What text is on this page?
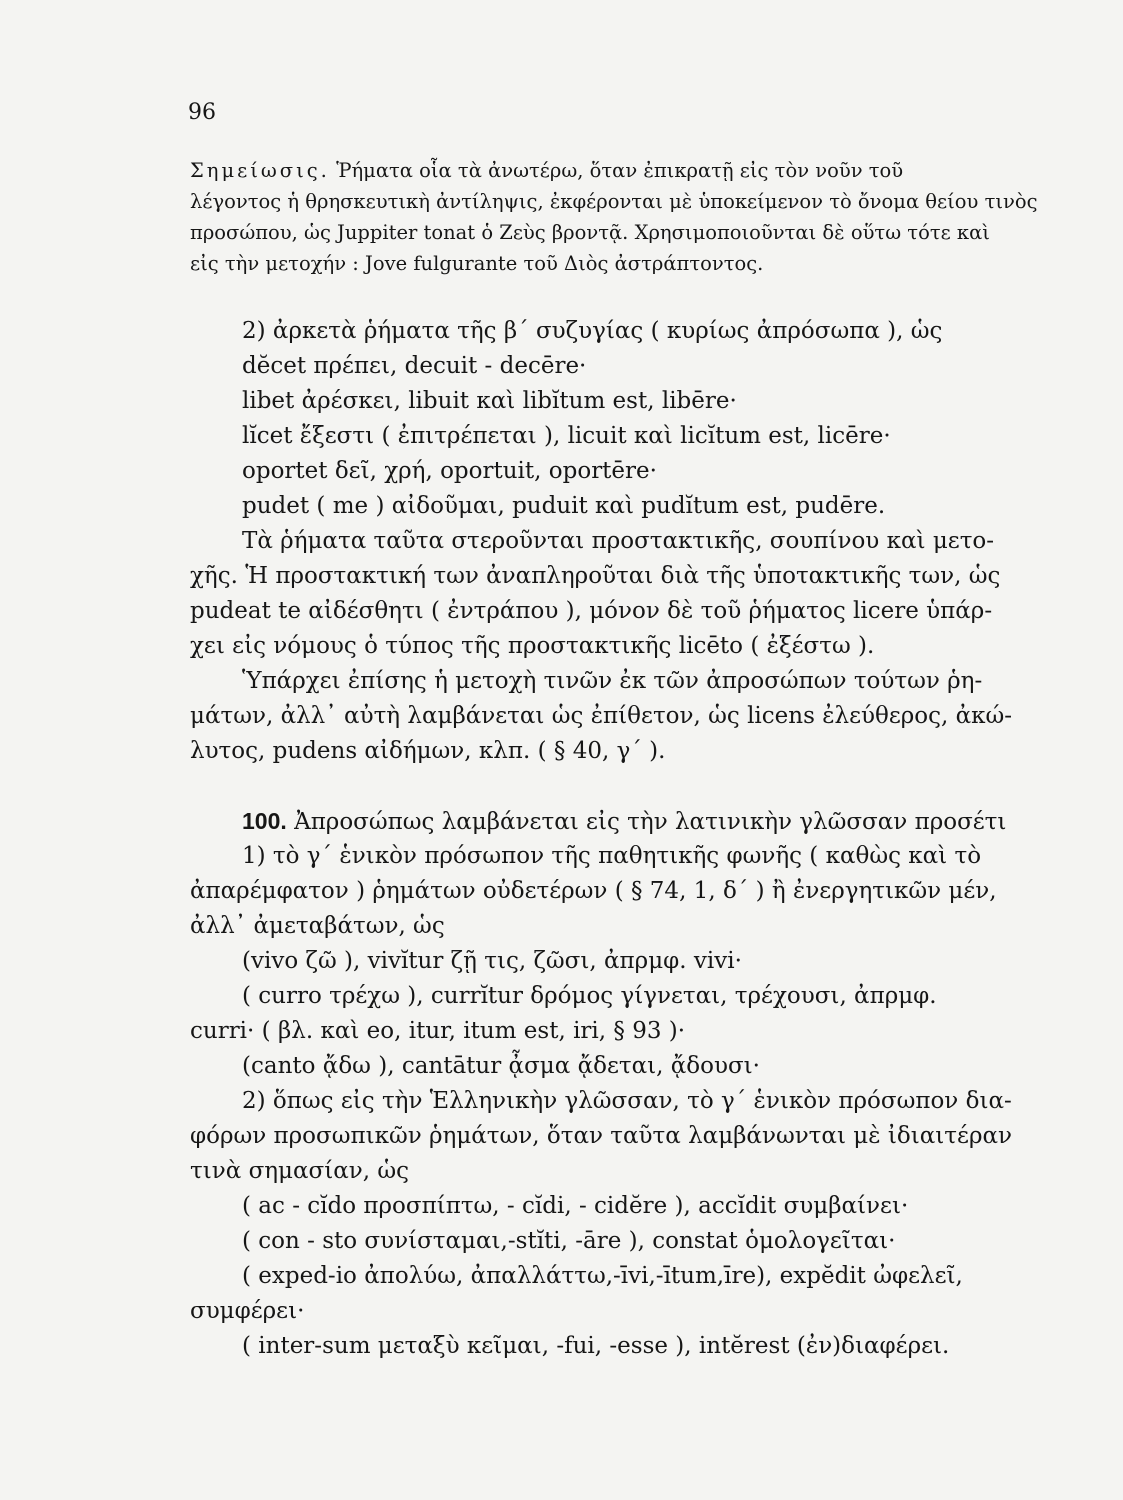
96
Σημείωσις. Ῥήματα οἷα τὰ ἀνωτέρω, ὅταν ἐπικρατῇ εἰς τὸν νοῦν τοῦ
λέγοντος ἡ θρησκευτικὴ ἀντίληψις, ἐκφέρονται μὲ ὑποκείμενον τὸ ὄνομα θείου τινὸς
προσώπου, ὡς Juppiter tonat ὁ Ζεὺς βροντᾷ. Χρησιμοποιοῦνται δὲ οὕτω τότε καὶ
εἰς τὴν μετοχήν : Jove fulgurante τοῦ Διὸς ἀστράπτοντος.
2) ἀρκετὰ ῥήματα τῆς β΄ συζυγίας ( κυρίως ἀπρόσωπα ), ὡς
dĕcet πρέπει, decuit - decēre·
libet ἀρέσκει, libuit καὶ libĭtum est, libēre·
lĭcet ἔξεστι ( ἐπιτρέπεται ), licuit καὶ licĭtum est, licēre·
oportet δεῖ, χρή, oportuit, oportēre·
pudet ( me ) αἰδοῦμαι, puduit καὶ pudĭtum est, pudēre.
Τὰ ῥήματα ταῦτα στεροῦνται προστακτικῆς, σουπίνου καὶ μετο-
χῆς. Ἡ προστακτική των ἀναπληροῦται διὰ τῆς ὑποτακτικῆς των, ὡς
pudeat te αἰδέσθητι ( ἐντράπου ), μόνον δὲ τοῦ ῥήματος licere ὑπάρ-
χει εἰς νόμους ὁ τύπος τῆς προστακτικῆς licēto ( ἐξέστω ).
Ὑπάρχει ἐπίσης ἡ μετοχὴ τινῶν ἐκ τῶν ἀπροσώπων τούτων ῥη-
μάτων, ἀλλ᾽ αὐτὴ λαμβάνεται ὡς ἐπίθετον, ὡς licens ἐλεύθερος, ἀκώ-
λυτος, pudens αἰδήμων, κλπ. ( § 40, γ΄ ).
100. Ἀπροσώπως λαμβάνεται εἰς τὴν λατινικὴν γλῶσσαν προσέτι
1) τὸ γ΄ ἑνικὸν πρόσωπον τῆς παθητικῆς φωνῆς ( καθὼς καὶ τὸ
ἀπαρέμφατον ) ῥημάτων οὐδετέρων ( § 74, 1, δ΄ ) ἢ ἐνεργητικῶν μέν,
ἀλλ᾽ ἀμεταβάτων, ὡς
(vivo ζῶ ), vivĭtur ζῇ τις, ζῶσι, ἀπρμφ. vivi·
( curro τρέχω ), currĭtur δρόμος γίγνεται, τρέχουσι, ἀπρμφ.
curri· ( βλ. καὶ eo, itur, itum est, iri, § 93 )·
(canto ᾄδω ), cantātur ᾆσμα ᾄδεται, ᾄδουσι·
2) ὅπως εἰς τὴν Ἑλληνικὴν γλῶσσαν, τὸ γ΄ ἑνικὸν πρόσωπον δια-
φόρων προσωπικῶν ῥημάτων, ὅταν ταῦτα λαμβάνωνται μὲ ἰδιαιτέραν
τινὰ σημασίαν, ὡς
( ac - cĭdo προσπίπτω, - cĭdi, - cidĕre ), accĭdit συμβαίνει·
( con - sto συνίσταμαι,-stĭti, -āre ), constat ὁμολογεῖται·
( exped-io ἀπολύω, ἀπαλλάττω,-īvi,-ītum,īre), expĕdit ὠφελεῖ,
συμφέρει·
( inter-sum μεταξὺ κεῖμαι, -fui, -esse ), intĕrest (ἐν)διαφέρει.
